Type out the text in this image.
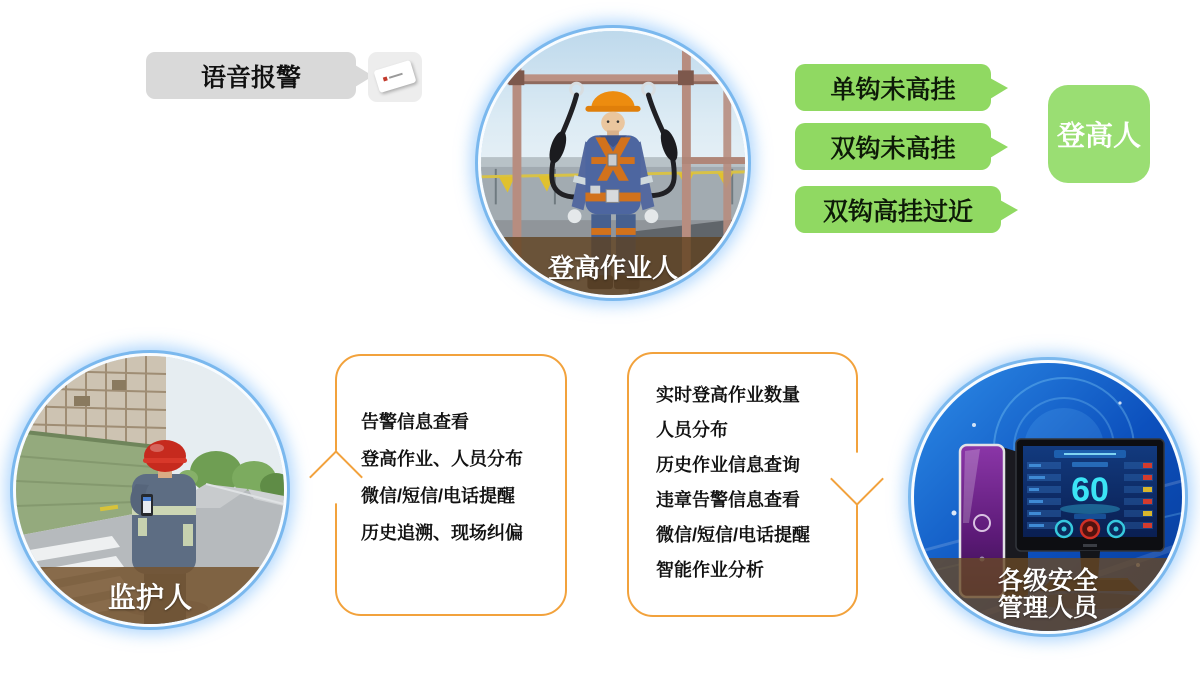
语音报警
登高作业人
单钩未高挂
双钩未高挂
双钩高挂过近
登高人
监护人
告警信息查看
登高作业、人员分布
微信/短信/电话提醒
历史追溯、现场纠偏
实时登高作业数量
人员分布
历史作业信息查询
违章告警信息查看
微信/短信/电话提醒
智能作业分析
60
各级安全
管理人员
